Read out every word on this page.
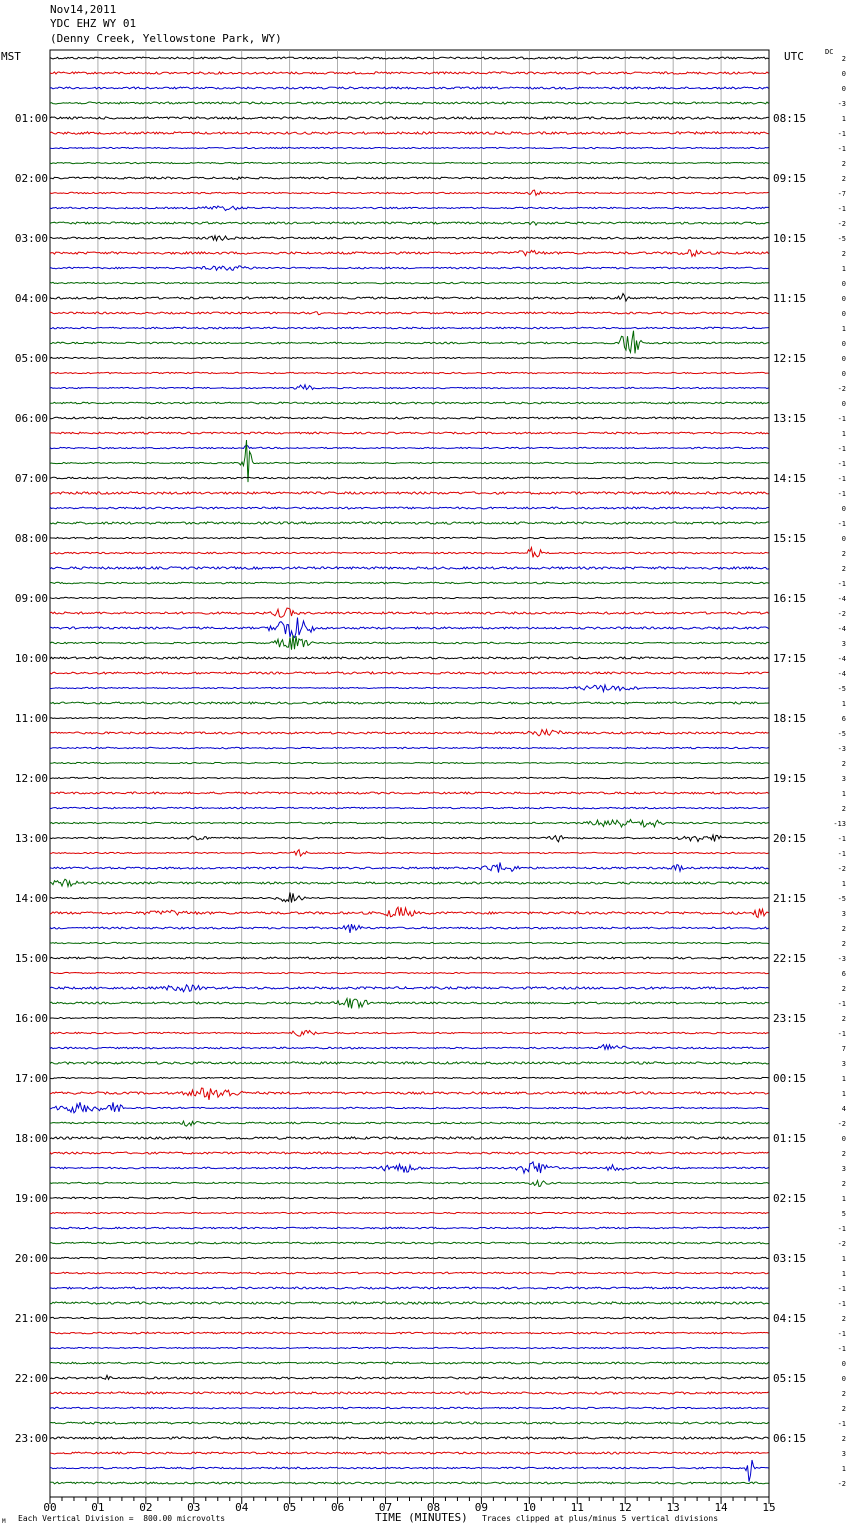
Nov14,2011
YDC EHZ WY 01
(Denny Creek, Yellowstone Park, WY)
MST	UTC	DC
2
0
0
-3
1
-1
-1
2
2
-7
-1
-2
-5
2
1
0
0
0
1
0
0
0
-2
0
-1
1
-1
-1
-1
-1
0
-1
0
2
2
-1
-4
-2
-4
3
-4
-4
-5
1
6
-5
-3
2
3
1
2
-13
-1
-1
-2
1
-5
3
2
2
-3
6
2
-1
2
-1
7
3
1
1
4
-2
0
2
3
2
1
5
-1
-2
1
1
-1
-1
2
-1
-1
0
0
2
2
-1
2
3
1
-2
01:00
02:00
03:00
04:00
05:00
06:00
07:00
08:00
09:00
10:00
11:00
12:00
13:00
14:00
15:00
16:00
17:00
18:00
19:00
20:00
21:00
22:00
23:00
08:15
09:15
10:15
11:15
12:15
13:15
14:15
15:15
16:15
17:15
18:15
19:15
20:15
21:15
22:15
23:15
00:15
01:15
02:15
03:15
04:15
05:15
06:15
00	01	02	03	04	05	06	07	08	09	10	11	12	13	14	15
M Each Vertical Division =  800.00 microvolts	TIME (MINUTES) Traces clipped at plus/minus 5 vertical divisions
